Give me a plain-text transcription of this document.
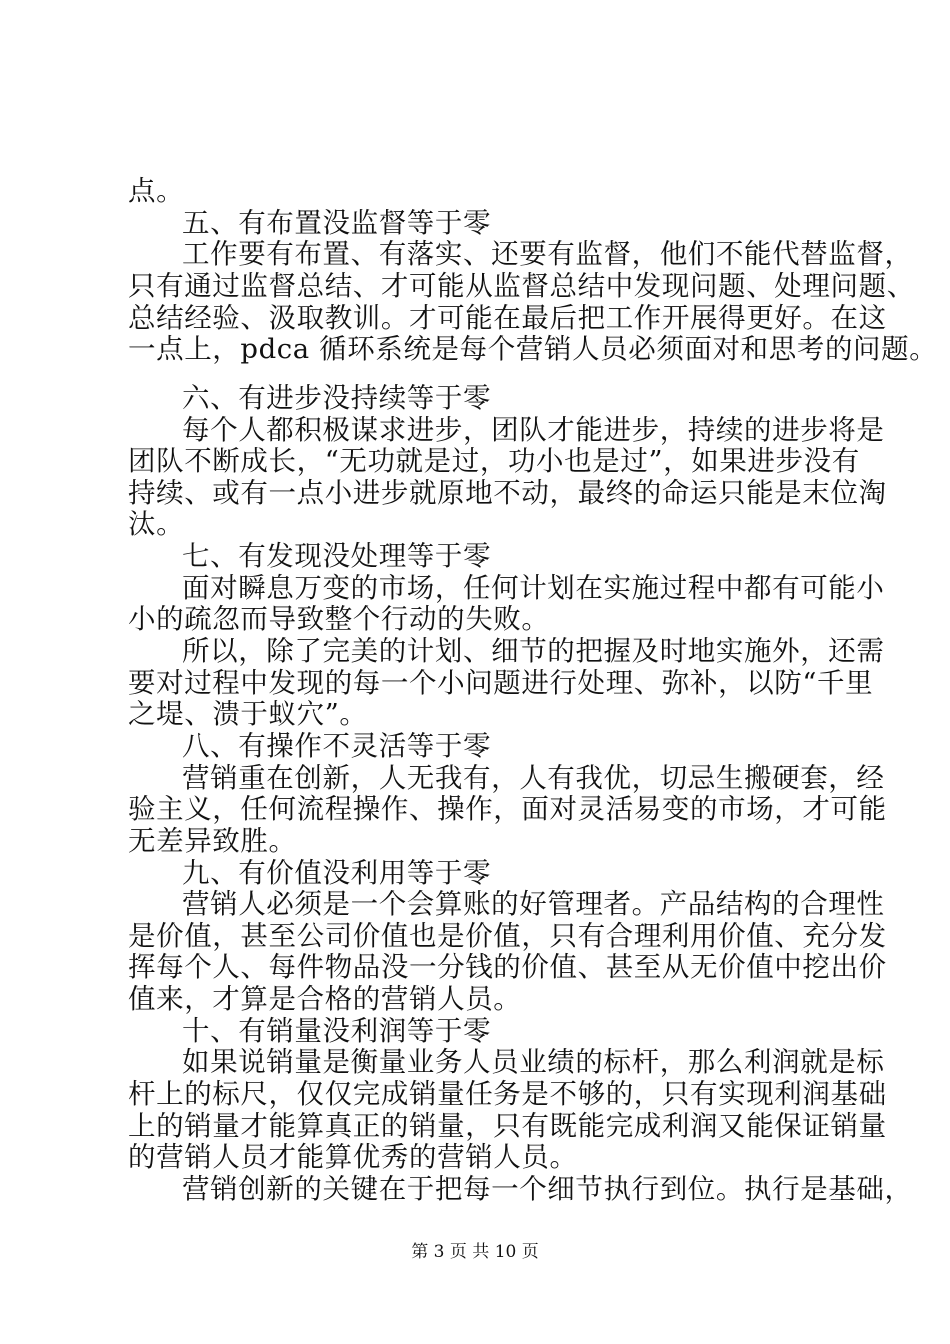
点。
五、有布置没监督等于零
工作要有布置、有落实、还要有监督，他们不能代替监督，
只有通过监督总结、才可能从监督总结中发现问题、处理问题、
总结经验、汲取教训。才可能在最后把工作开展得更好。在这
一点上，pdca 循环系统是每个营销人员必须面对和思考的问题。
六、有进步没持续等于零
每个人都积极谋求进步，团队才能进步，持续的进步将是
团队不断成长，“无功就是过，功小也是过”，如果进步没有
持续、或有一点小进步就原地不动，最终的命运只能是末位淘
汰。
七、有发现没处理等于零
面对瞬息万变的市场，任何计划在实施过程中都有可能小
小的疏忽而导致整个行动的失败。
所以，除了完美的计划、细节的把握及时地实施外，还需
要对过程中发现的每一个小问题进行处理、弥补，以防“千里
之堤、溃于蚁穴”。
八、有操作不灵活等于零
营销重在创新，人无我有，人有我优，切忌生搬硬套，经
验主义，任何流程操作、操作，面对灵活易变的市场，才可能
无差异致胜。
九、有价值没利用等于零
营销人必须是一个会算账的好管理者。产品结构的合理性
是价值，甚至公司价值也是价值，只有合理利用价值、充分发
挥每个人、每件物品没一分钱的价值、甚至从无价值中挖出价
值来，才算是合格的营销人员。
十、有销量没利润等于零
如果说销量是衡量业务人员业绩的标杆，那么利润就是标
杆上的标尺，仅仅完成销量任务是不够的，只有实现利润基础
上的销量才能算真正的销量，只有既能完成利润又能保证销量
的营销人员才能算优秀的营销人员。
营销创新的关键在于把每一个细节执行到位。执行是基础，
第 3 页 共 10 页
